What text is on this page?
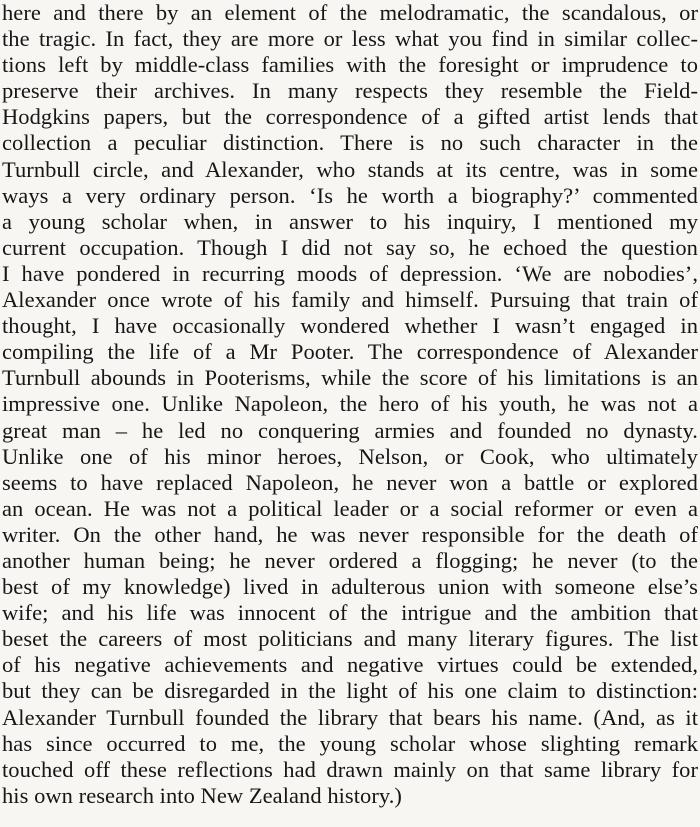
here and there by an element of the melodramatic, the scandalous, or
the tragic. In fact, they are more or less what you find in similar collec-
tions left by middle-class families with the foresight or imprudence to
preserve their archives. In many respects they resemble the Field-
Hodgkins papers, but the correspondence of a gifted artist lends that
collection a peculiar distinction. There is no such character in the
Turnbull circle, and Alexander, who stands at its centre, was in some
ways a very ordinary person. ‘Is he worth a biography?’ commented
a young scholar when, in answer to his inquiry, I mentioned my
current occupation. Though I did not say so, he echoed the question
I have pondered in recurring moods of depression. ‘We are nobodies’,
Alexander once wrote of his family and himself. Pursuing that train of
thought, I have occasionally wondered whether I wasn’t engaged in
compiling the life of a Mr Pooter. The correspondence of Alexander
Turnbull abounds in Pooterisms, while the score of his limitations is an
impressive one. Unlike Napoleon, the hero of his youth, he was not a
great man – he led no conquering armies and founded no dynasty.
Unlike one of his minor heroes, Nelson, or Cook, who ultimately
seems to have replaced Napoleon, he never won a battle or explored
an ocean. He was not a political leader or a social reformer or even a
writer. On the other hand, he was never responsible for the death of
another human being; he never ordered a flogging; he never (to the
best of my knowledge) lived in adulterous union with someone else’s
wife; and his life was innocent of the intrigue and the ambition that
beset the careers of most politicians and many literary figures. The list
of his negative achievements and negative virtues could be extended,
but they can be disregarded in the light of his one claim to distinction:
Alexander Turnbull founded the library that bears his name. (And, as it
has since occurred to me, the young scholar whose slighting remark
touched off these reflections had drawn mainly on that same library for
his own research into New Zealand history.)
